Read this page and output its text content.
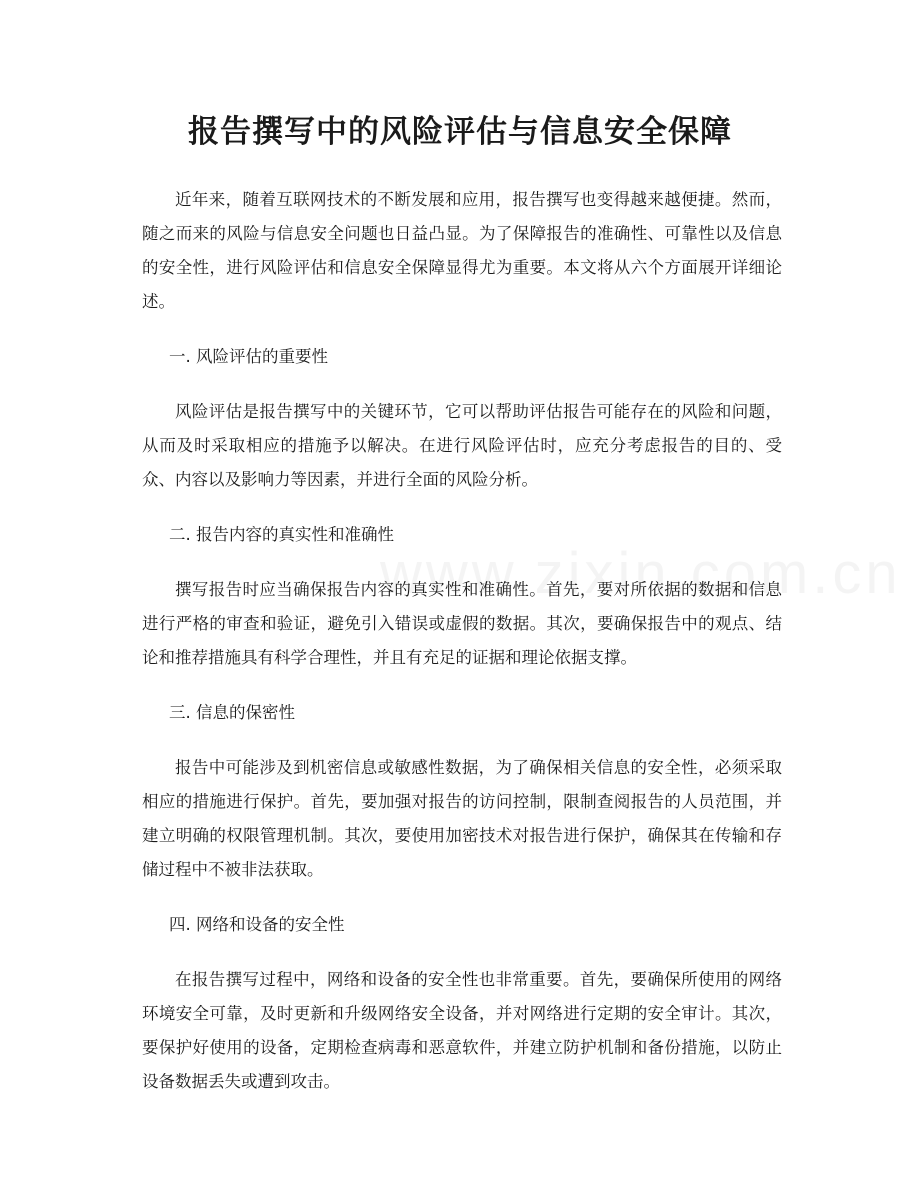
报告撰写中的风险评估与信息安全保障

近年来，随着互联网技术的不断发展和应用，报告撰写也变得越来越便捷。然而，随之而来的风险与信息安全问题也日益凸显。为了保障报告的准确性、可靠性以及信息的安全性，进行风险评估和信息安全保障显得尤为重要。本文将从六个方面展开详细论述。

一. 风险评估的重要性

风险评估是报告撰写中的关键环节，它可以帮助评估报告可能存在的风险和问题，从而及时采取相应的措施予以解决。在进行风险评估时，应充分考虑报告的目的、受众、内容以及影响力等因素，并进行全面的风险分析。

二. 报告内容的真实性和准确性

撰写报告时应当确保报告内容的真实性和准确性。首先，要对所依据的数据和信息进行严格的审查和验证，避免引入错误或虚假的数据。其次，要确保报告中的观点、结论和推荐措施具有科学合理性，并且有充足的证据和理论依据支撑。

三. 信息的保密性

报告中可能涉及到机密信息或敏感性数据，为了确保相关信息的安全性，必须采取相应的措施进行保护。首先，要加强对报告的访问控制，限制查阅报告的人员范围，并建立明确的权限管理机制。其次，要使用加密技术对报告进行保护，确保其在传输和存储过程中不被非法获取。

四. 网络和设备的安全性

在报告撰写过程中，网络和设备的安全性也非常重要。首先，要确保所使用的网络环境安全可靠，及时更新和升级网络安全设备，并对网络进行定期的安全审计。其次，要保护好使用的设备，定期检查病毒和恶意软件，并建立防护机制和备份措施，以防止设备数据丢失或遭到攻击。
